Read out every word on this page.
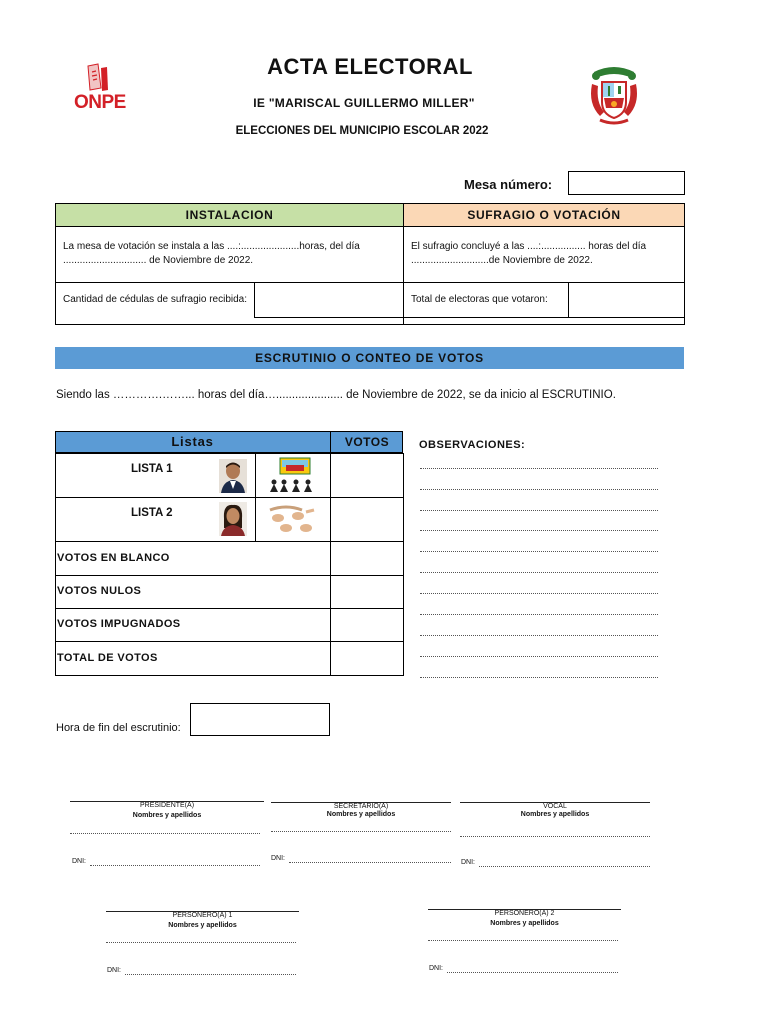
ONPE
ACTA ELECTORAL
IE "MARISCAL GUILLERMO MILLER"
ELECCIONES DEL MUNICIPIO ESCOLAR 2022
Mesa número:
INSTALACION	SUFRAGIO O VOTACIÓN
La mesa de votación se instala a las ....:.....................horas, del día .............................. de Noviembre de 2022.
El sufragio concluyé a las ....:................ horas del día ............................de Noviembre de 2022.
Cantidad de cédulas de sufragio recibida:	Total de electoras que votaron:
ESCRUTINIO O CONTEO DE VOTOS
Siendo las ………….……... horas del día…..................... de Noviembre de 2022, se da inicio al ESCRUTINIO.
Listas	VOTOS
LISTA 1
LISTA 2
VOTOS EN BLANCO
VOTOS NULOS
VOTOS IMPUGNADOS
TOTAL DE VOTOS
OBSERVACIONES:
Hora de fin del escrutinio:
PRESIDENTE(A)
Nombres y apellidos
DNI:
SECRETARIO(A)
Nombres y apellidos
DNI:
VOCAL
Nombres y apellidos
DNI:
PERSONERO(A) 1
Nombres y apellidos
DNI:
PERSONERO(A) 2
Nombres y apellidos
DNI:
